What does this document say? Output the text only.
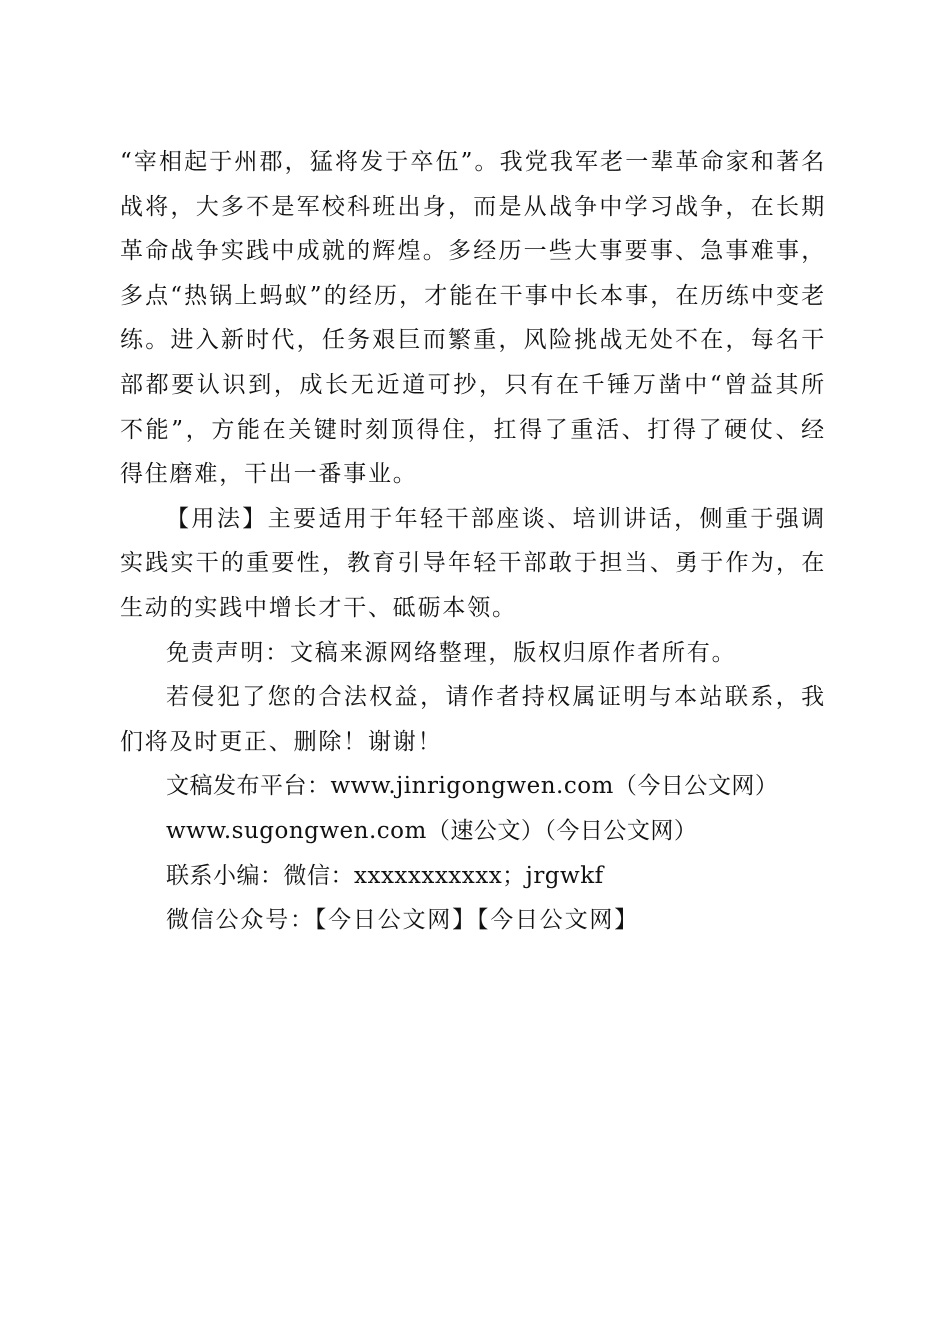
“宰相起于州郡，猛将发于卒伍”。我党我军老一辈革命家和著名战将，大多不是军校科班出身，而是从战争中学习战争，在长期革命战争实践中成就的辉煌。多经历一些大事要事、急事难事，多点“热锅上蚂蚁”的经历，才能在干事中长本事，在历练中变老练。进入新时代，任务艰巨而繁重，风险挑战无处不在，每名干部都要认识到，成长无近道可抄，只有在千锤万凿中“曾益其所不能”，方能在关键时刻顶得住，扛得了重活、打得了硬仗、经得住磨难，干出一番事业。

【用法】主要适用于年轻干部座谈、培训讲话，侧重于强调实践实干的重要性，教育引导年轻干部敢于担当、勇于作为，在生动的实践中增长才干、砥砺本领。

免责声明：文稿来源网络整理，版权归原作者所有。

若侵犯了您的合法权益，请作者持权属证明与本站联系，我们将及时更正、删除！谢谢！

文稿发布平台：www.jinrigongwen.com（今日公文网）

www.sugongwen.com（速公文）（今日公文网）

联系小编：微信：xxxxxxxxxxx；jrgwkf

微信公众号：【今日公文网】【今日公文网】
